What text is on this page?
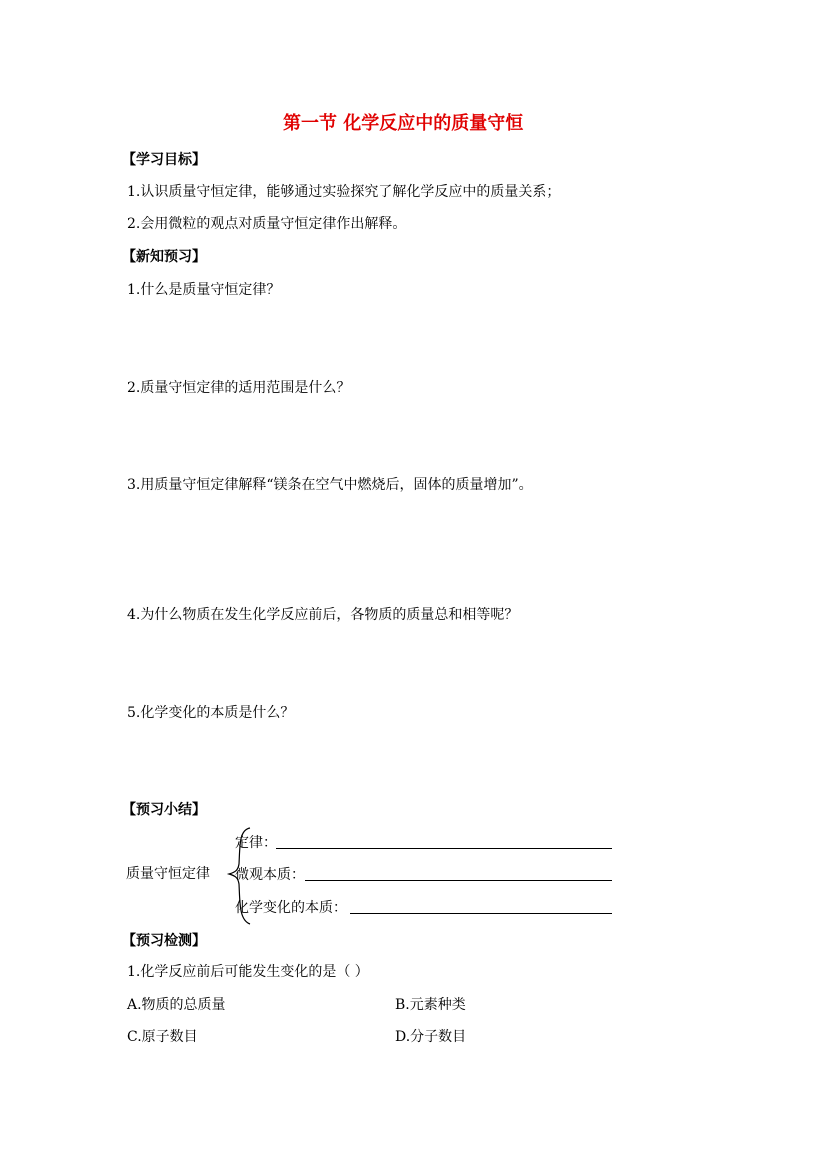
第一节 化学反应中的质量守恒
【学习目标】
1.认识质量守恒定律，能够通过实验探究了解化学反应中的质量关系；
2.会用微粒的观点对质量守恒定律作出解释。
【新知预习】
1.什么是质量守恒定律？
2.质量守恒定律的适用范围是什么？
3.用质量守恒定律解释“镁条在空气中燃烧后，固体的质量增加”。
4.为什么物质在发生化学反应前后，各物质的质量总和相等呢？
5.化学变化的本质是什么？
【预习小结】
质量守恒定律
定律：
微观本质：
化学变化的本质：
【预习检测】
1.化学反应前后可能发生变化的是（ ）
A.物质的总质量	B.元素种类
C.原子数目	D.分子数目
